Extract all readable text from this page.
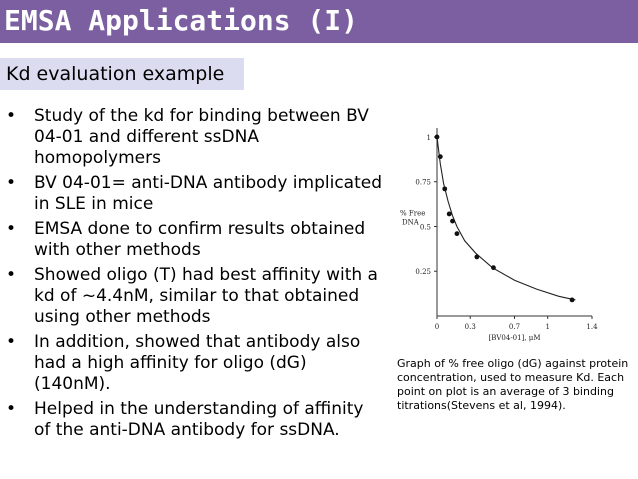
EMSA Applications (I)
Kd evaluation example
• Study of the kd for binding between BV 04-01 and different ssDNA homopolymers
• BV 04-01= anti-DNA antibody implicated in SLE in mice
• EMSA done to confirm results obtained with other methods
• Showed oligo (T) had best affinity with a kd of ~4.4nM, similar to that obtained using other methods
• In addition, showed that antibody also had a high affinity for oligo (dG) (140nM).
• Helped in the understanding of affinity of the anti-DNA antibody for ssDNA.
0.25
0.5
0.75
1
0	0.3	0.7	1	1.4
% Free
DNA
[BV04-01], μM
Graph of % free oligo (dG) against protein concentration, used to measure Kd. Each point on plot is an average of 3 binding titrations(Stevens et al, 1994).
